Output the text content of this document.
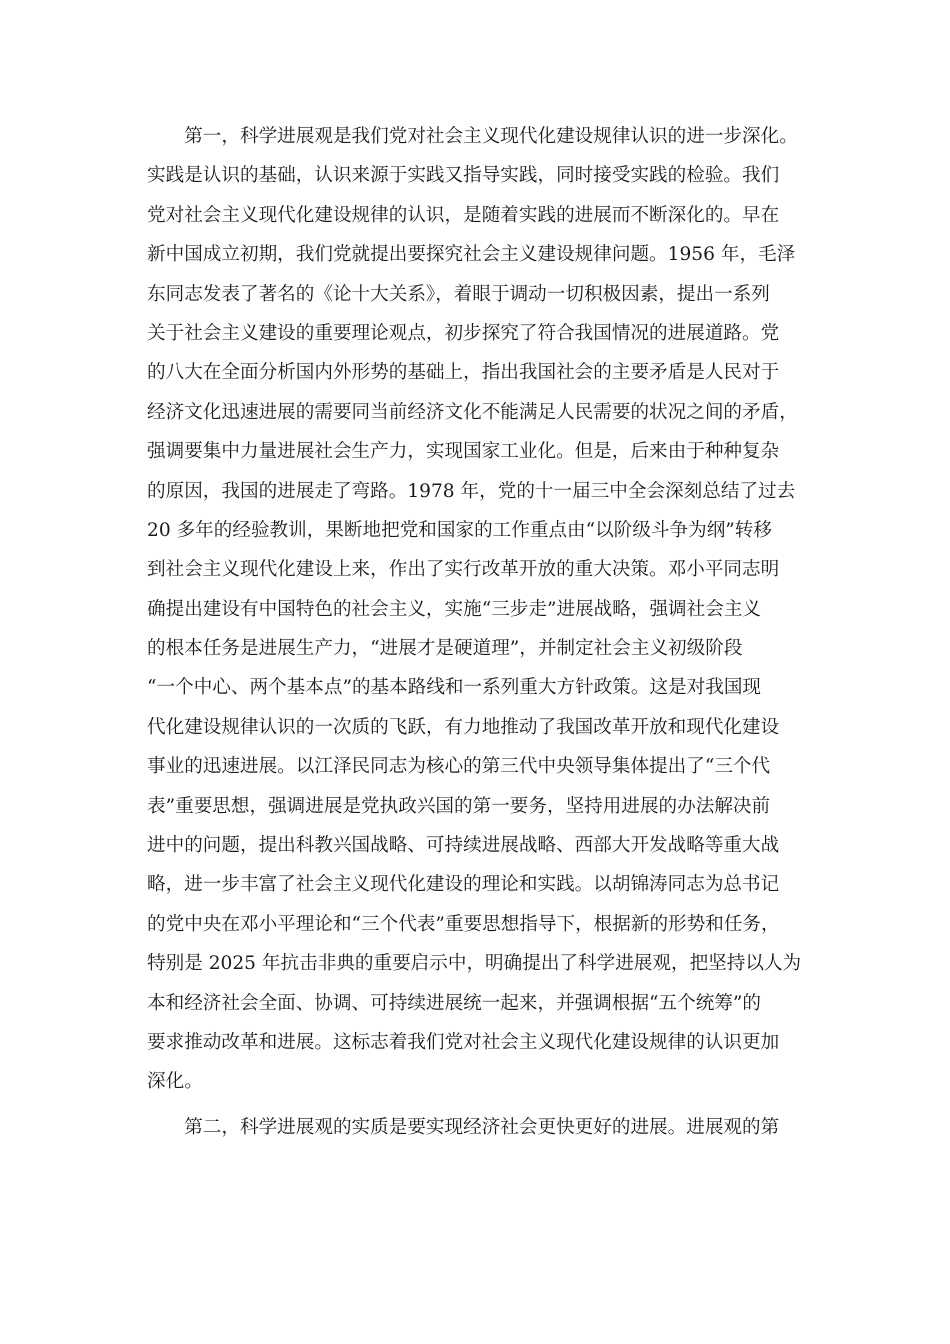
　　第一，科学进展观是我们党对社会主义现代化建设规律认识的进一步深化。
实践是认识的基础，认识来源于实践又指导实践，同时接受实践的检验。我们
党对社会主义现代化建设规律的认识，是随着实践的进展而不断深化的。早在
新中国成立初期，我们党就提出要探究社会主义建设规律问题。1956 年，毛泽
东同志发表了著名的《论十大关系》，着眼于调动一切积极因素，提出一系列
关于社会主义建设的重要理论观点，初步探究了符合我国情况的进展道路。党
的八大在全面分析国内外形势的基础上，指出我国社会的主要矛盾是人民对于
经济文化迅速进展的需要同当前经济文化不能满足人民需要的状况之间的矛盾，
强调要集中力量进展社会生产力，实现国家工业化。但是，后来由于种种复杂
的原因，我国的进展走了弯路。1978 年，党的十一届三中全会深刻总结了过去
20 多年的经验教训，果断地把党和国家的工作重点由“以阶级斗争为纲”转移
到社会主义现代化建设上来，作出了实行改革开放的重大决策。邓小平同志明
确提出建设有中国特色的社会主义，实施“三步走”进展战略，强调社会主义
的根本任务是进展生产力，“进展才是硬道理”，并制定社会主义初级阶段
“一个中心、两个基本点”的基本路线和一系列重大方针政策。这是对我国现
代化建设规律认识的一次质的飞跃，有力地推动了我国改革开放和现代化建设
事业的迅速进展。以江泽民同志为核心的第三代中央领导集体提出了“三个代
表”重要思想，强调进展是党执政兴国的第一要务，坚持用进展的办法解决前
进中的问题，提出科教兴国战略、可持续进展战略、西部大开发战略等重大战
略，进一步丰富了社会主义现代化建设的理论和实践。以胡锦涛同志为总书记
的党中央在邓小平理论和“三个代表”重要思想指导下，根据新的形势和任务，
特别是 2025 年抗击非典的重要启示中，明确提出了科学进展观，把坚持以人为
本和经济社会全面、协调、可持续进展统一起来，并强调根据“五个统筹”的
要求推动改革和进展。这标志着我们党对社会主义现代化建设规律的认识更加
深化。
　　第二，科学进展观的实质是要实现经济社会更快更好的进展。进展观的第
